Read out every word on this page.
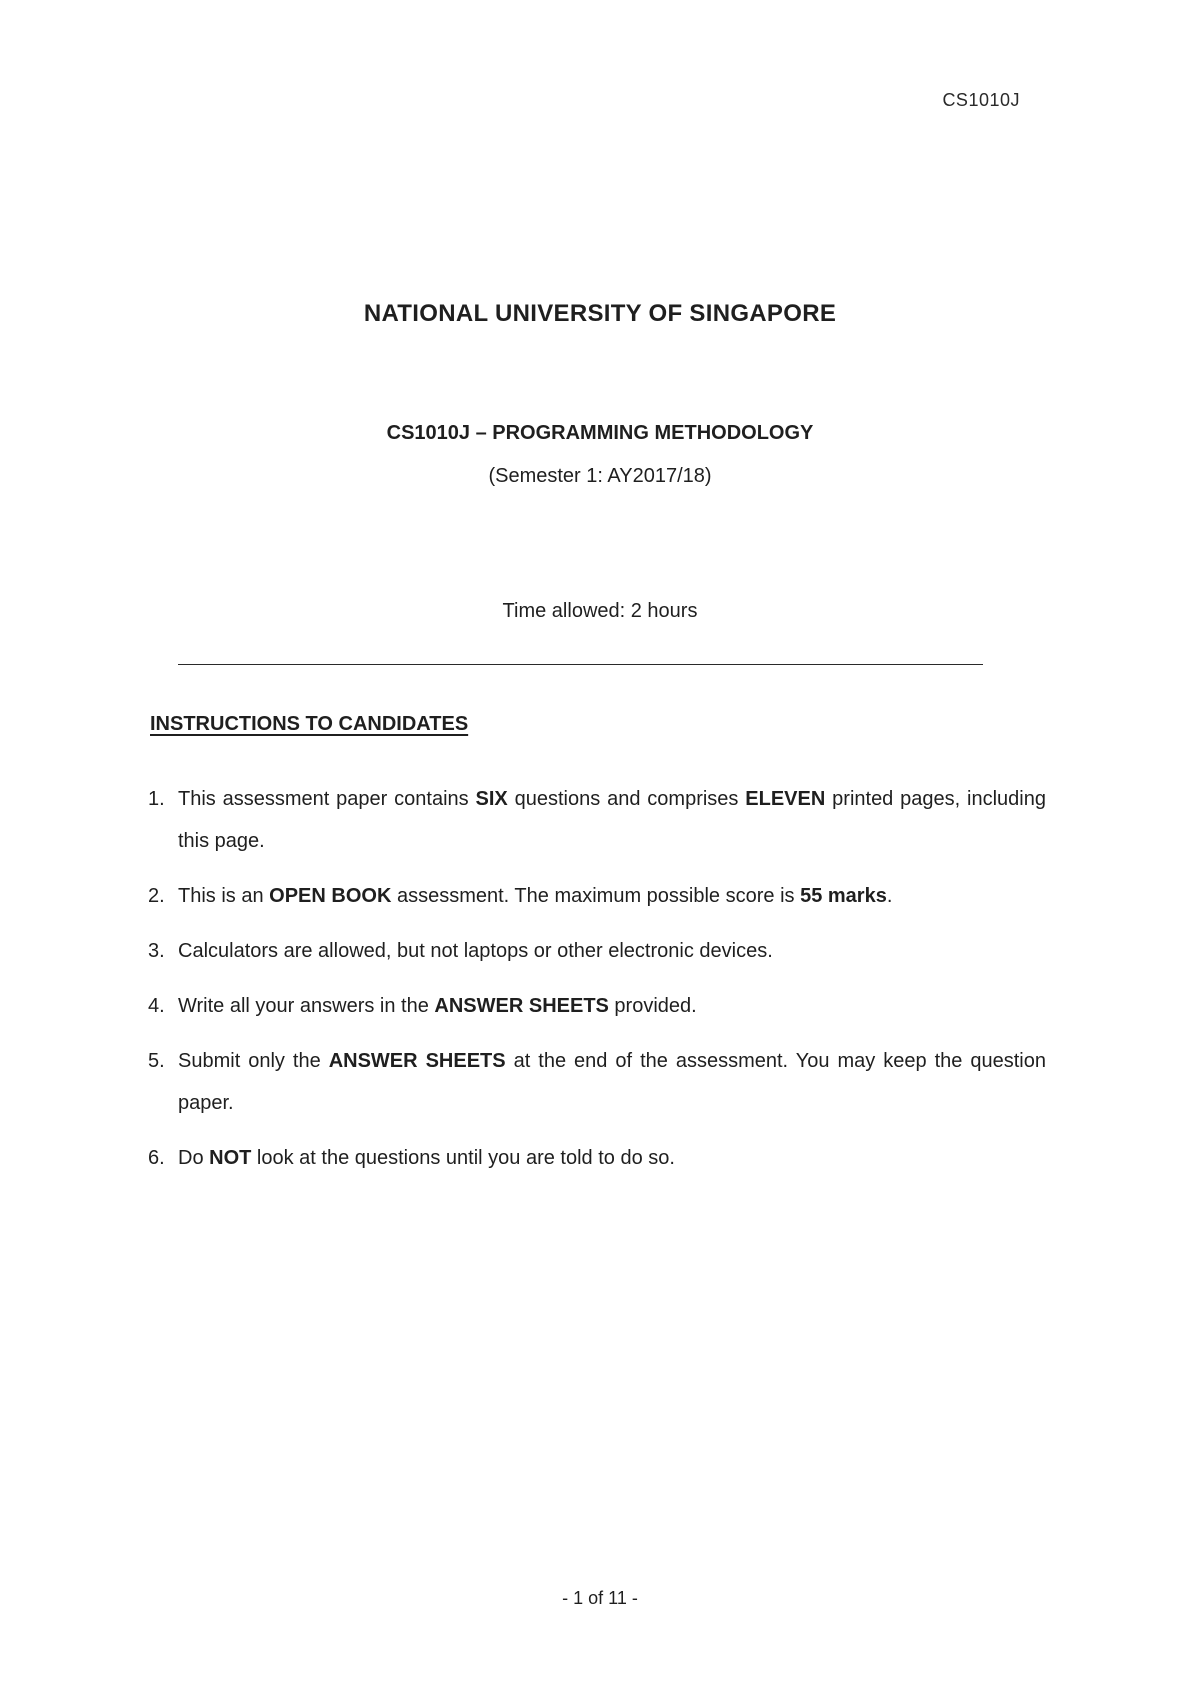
CS1010J
NATIONAL UNIVERSITY OF SINGAPORE
CS1010J – PROGRAMMING METHODOLOGY
(Semester 1: AY2017/18)
Time allowed: 2 hours
INSTRUCTIONS TO CANDIDATES
1. This assessment paper contains SIX questions and comprises ELEVEN printed pages, including this page.
2. This is an OPEN BOOK assessment. The maximum possible score is 55 marks.
3. Calculators are allowed, but not laptops or other electronic devices.
4. Write all your answers in the ANSWER SHEETS provided.
5. Submit only the ANSWER SHEETS at the end of the assessment. You may keep the question paper.
6. Do NOT look at the questions until you are told to do so.
- 1 of 11 -
